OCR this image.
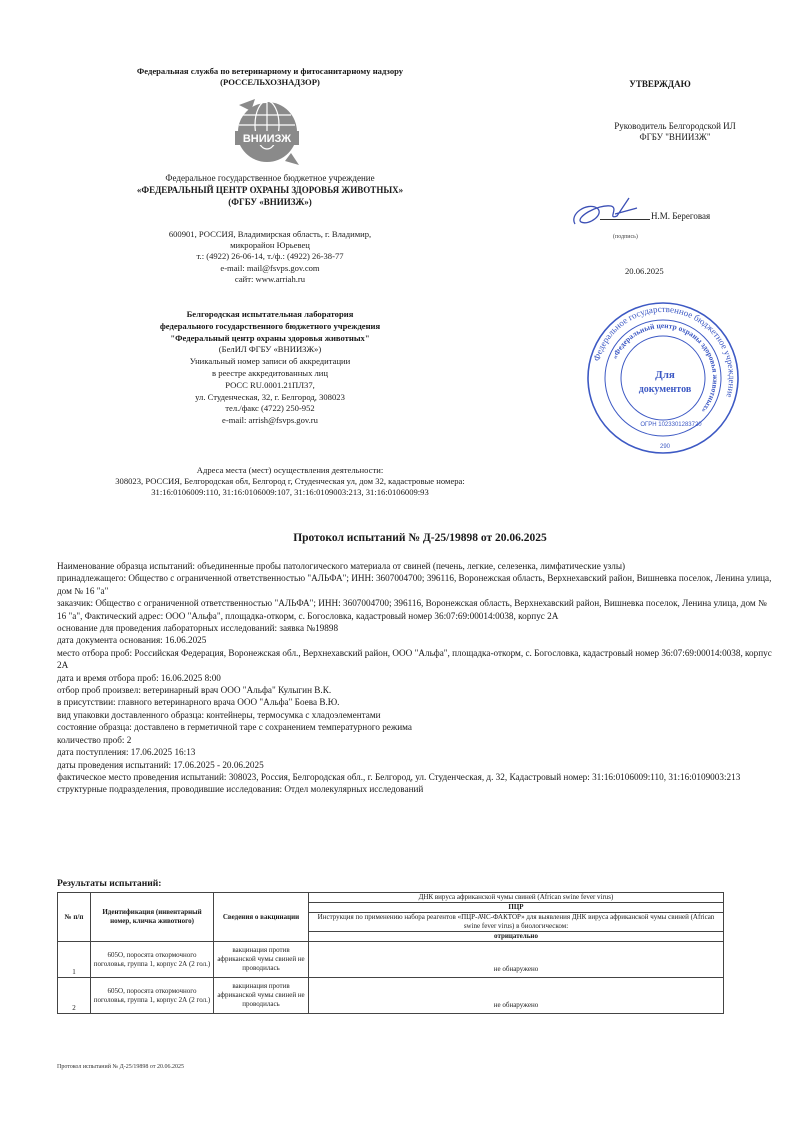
Федеральная служба по ветеринарному и фитосанитарному надзору
(РОССЕЛЬХОЗНАДЗОР)
ВНИИЗЖ
Федеральное государственное бюджетное учреждение
«ФЕДЕРАЛЬНЫЙ ЦЕНТР ОХРАНЫ ЗДОРОВЬЯ ЖИВОТНЫХ»
(ФГБУ «ВНИИЗЖ»)
600901, РОССИЯ, Владимирская область, г. Владимир,
микрорайон Юрьевец
т.: (4922) 26-06-14, т./ф.: (4922) 26-38-77
e-mail: mail@fsvps.gov.com
сайт: www.arriah.ru
Белгородская испытательная лаборатория
федерального государственного бюджетного учреждения
"Федеральный центр охраны здоровья животных"
(БелИЛ ФГБУ «ВНИИЗЖ»)
Уникальный номер записи об аккредитации
в реестре аккредитованных лиц
РОСС RU.0001.21ПЛ37,
ул. Студенческая, 32, г. Белгород, 308023
тел./факс (4722) 250-952
e-mail: arrish@fsvps.gov.ru
УТВЕРЖДАЮ
Руководитель Белгородской ИЛ
ФГБУ "ВНИИЗЖ"
Н.М. Береговая
(подпись)
20.06.2025
Федеральное государственное бюджетное учреждение
«Федеральный центр охраны здоровья животных»
Для
документов
ОГРН 1023301283720
290
Адреса места (мест) осуществления деятельности:
308023, РОССИЯ, Белгородская обл, Белгород г, Студенческая ул, дом 32, кадастровые номера:
31:16:0106009:110, 31:16:0106009:107, 31:16:0109003:213, 31:16:0106009:93
Протокол испытаний № Д-25/19898 от 20.06.2025

Наименование образца испытаний: объединенные пробы патологического материала от свиней (печень, легкие, селезенка, лимфатические узлы)

принадлежащего: Общество с ограниченной ответственностью "АЛЬФА"; ИНН: 3607004700; 396116, Воронежская область, Верхнехавский район, Вишневка поселок, Ленина улица, дом № 16 "а"

заказчик: Общество с ограниченной ответственностью "АЛЬФА"; ИНН: 3607004700; 396116, Воронежская область, Верхнехавский район, Вишневка поселок, Ленина улица, дом № 16 "а", Фактический адрес: ООО "Альфа", площадка-откорм, с. Богословка, кадастровый номер 36:07:69:00014:0038, корпус 2А

основание для проведения лабораторных исследований: заявка №19898

дата документа основания: 16.06.2025

место отбора проб: Российская Федерация, Воронежская обл., Верхнехавский район, ООО "Альфа", площадка-откорм, с. Богословка, кадастровый номер 36:07:69:00014:0038, корпус 2А

дата и время отбора проб: 16.06.2025 8:00

отбор проб произвел: ветеринарный врач ООО "Альфа" Кулыгин В.К.

в присутствии: главного ветеринарного врача ООО "Альфа" Боева В.Ю.

вид упаковки доставленного образца: контейнеры, термосумка с хладоэлементами

состояние образца: доставлено в герметичной таре с сохранением температурного режима

количество проб: 2

дата поступления: 17.06.2025 16:13

даты проведения испытаний: 17.06.2025 - 20.06.2025

фактическое место проведения испытаний: 308023, Россия, Белгородская обл., г. Белгород, ул. Студенческая, д. 32, Кадастровый номер: 31:16:0106009:110, 31:16:0109003:213

структурные подразделения, проводившие исследования: Отдел молекулярных исследований

Результаты испытаний:
№ п/п	Идентификация (инвентарный номер, кличка животного)	Сведения о вакцинации	ДНК вируса африканской чумы свиней (African swine fever virus)
			ПЦР
			Инструкция по применению набора реагентов «ПЦР-АЧС-ФАКТОР» для выявления ДНК вируса африканской чумы свиней (African swine fever virus) в биологическом:
			отрицательно
1	605О, поросята откормочного поголовья, группа 1, корпус 2А (2 гол.)	вакцинация против африканской чумы свиней не проводилась	не обнаружено
2	605О, поросята откормочного поголовья, группа 1, корпус 2А (2 гол.)	вакцинация против африканской чумы свиней не проводилась	не обнаружено
Протокол испытаний № Д-25/19898 от 20.06.2025
